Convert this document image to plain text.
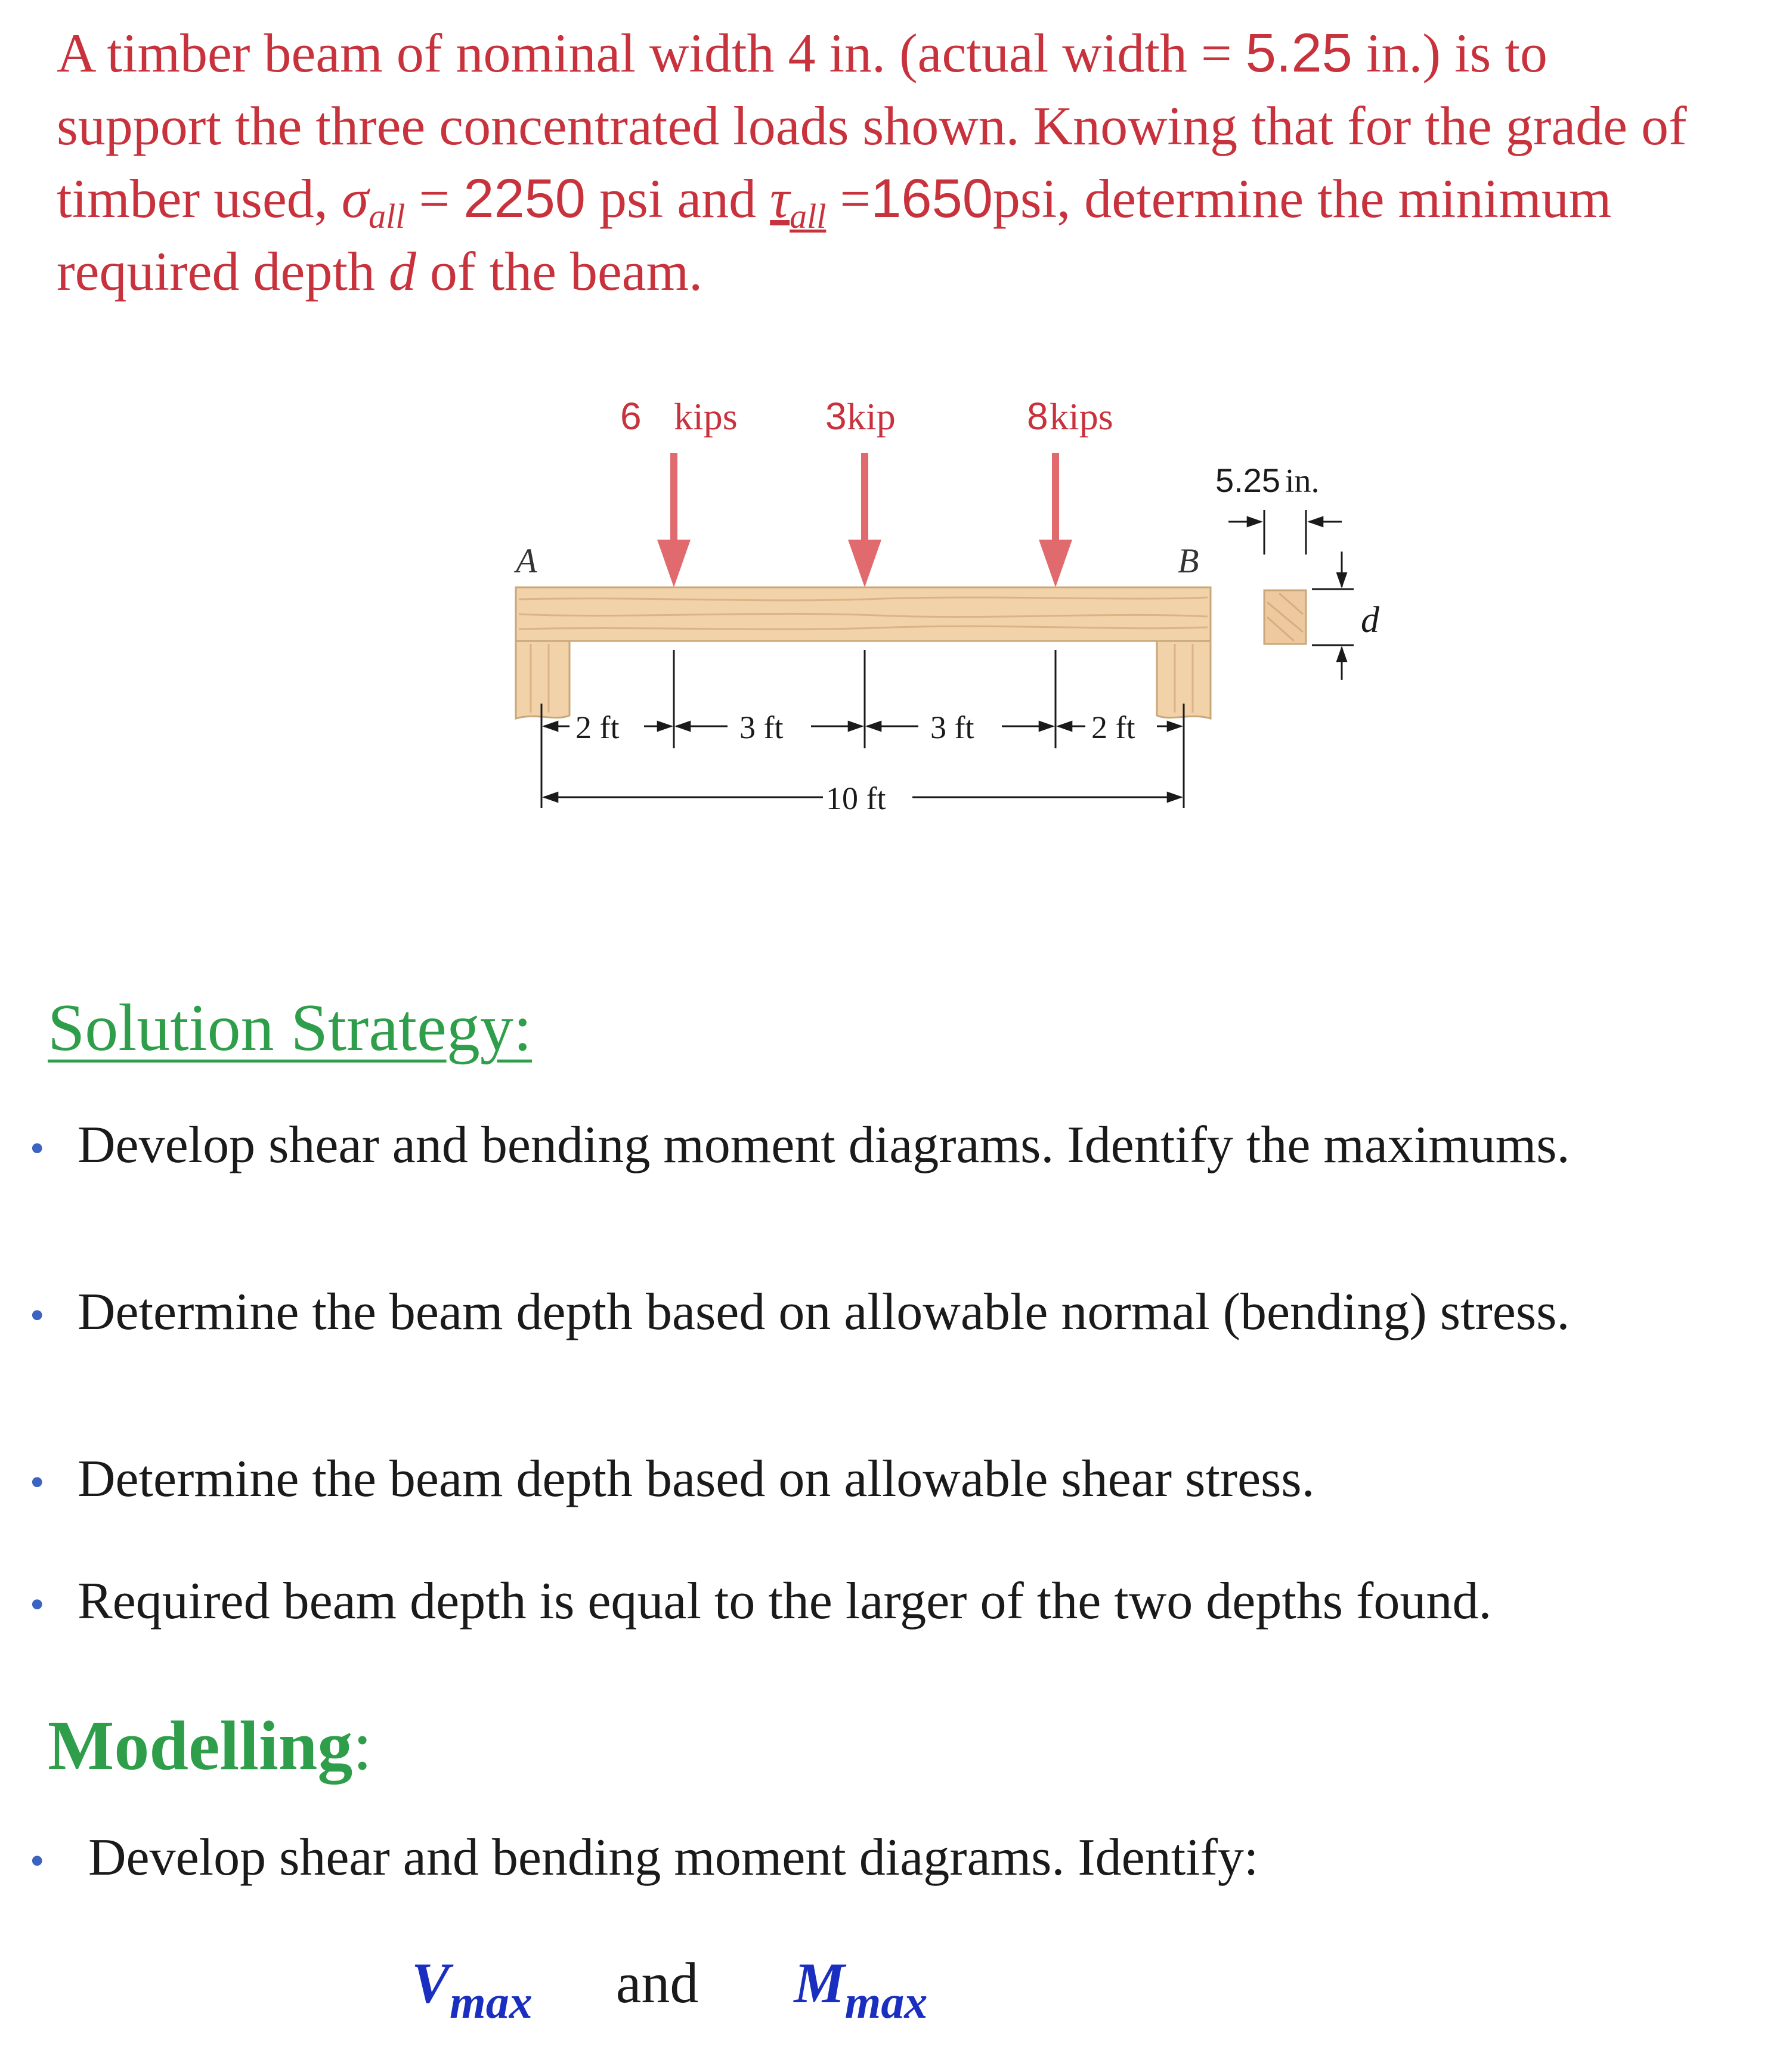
A timber beam of nominal width 4 in. (actual width = 5.25 in.) is to support the three concentrated loads shown. Knowing that for the grade of timber used, $\sigma_{all} = 2250$ psi and $\tau_{all} =1650psi$, determine the minimum required depth d of the beam.
6 kips 3 kip	8 kips
A	B
5.25 in.
d
2 ft	3 ft	3 ft	2 ft
10 ft
Solution Strategy:
• Develop shear and bending moment diagrams. Identify the maximums.
• Determine the beam depth based on allowable normal (bending) stress.
• Determine the beam depth based on allowable shear stress.
• Required beam depth is equal to the larger of the two depths found.
Modelling:
• Develop shear and bending moment diagrams. Identify:
$V_{max}$ and $M_{max}$
